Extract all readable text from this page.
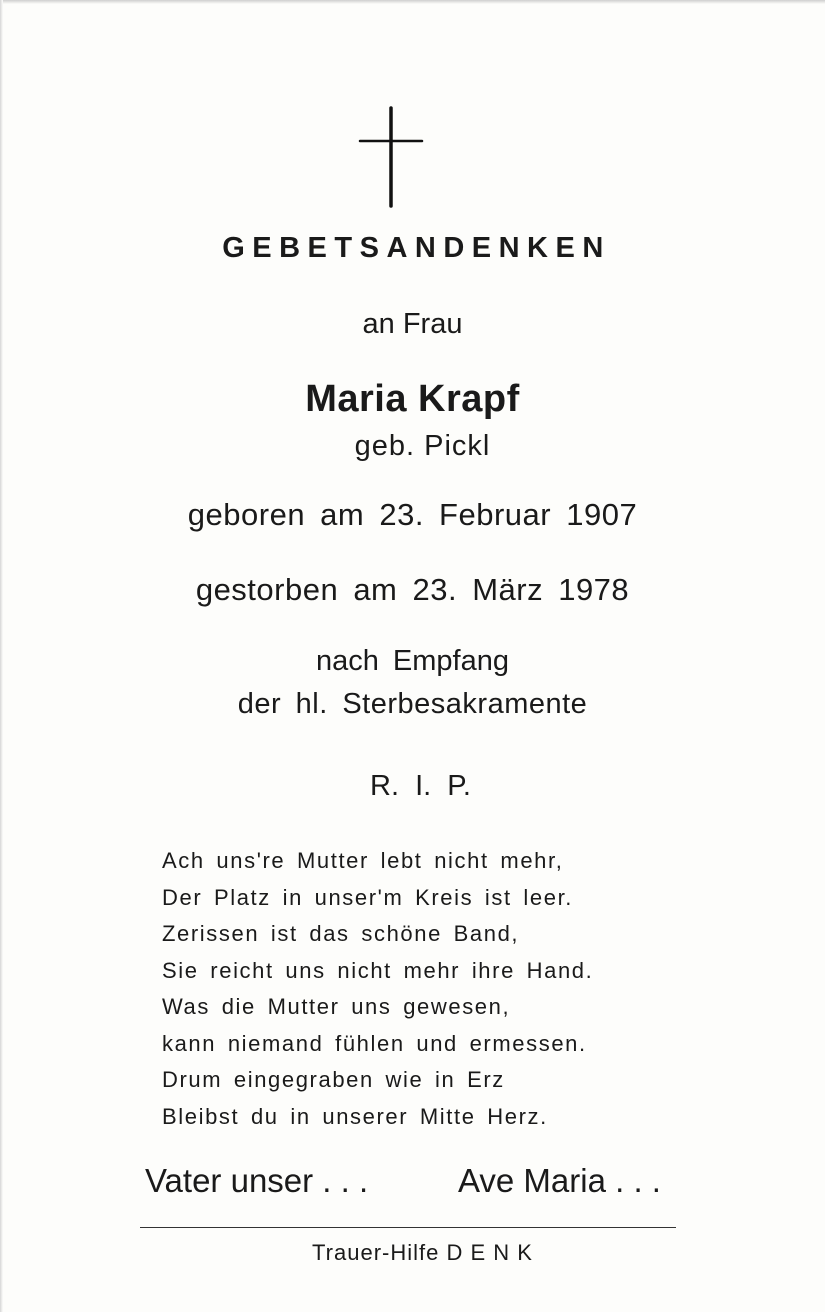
GEBETSANDENKEN
an Frau
Maria Krapf
geb. Pickl
geboren am 23. Februar 1907
gestorben am 23. März 1978
nach Empfang
der hl. Sterbesakramente
R. I. P.
Ach uns're Mutter lebt nicht mehr,
Der Platz in unser'm Kreis ist leer.
Zerissen ist das schöne Band,
Sie reicht uns nicht mehr ihre Hand.
Was die Mutter uns gewesen,
kann niemand fühlen und ermessen.
Drum eingegraben wie in Erz
Bleibst du in unserer Mitte Herz.
Vater unser . . .	Ave Maria . . .
Trauer-Hilfe D E N K
